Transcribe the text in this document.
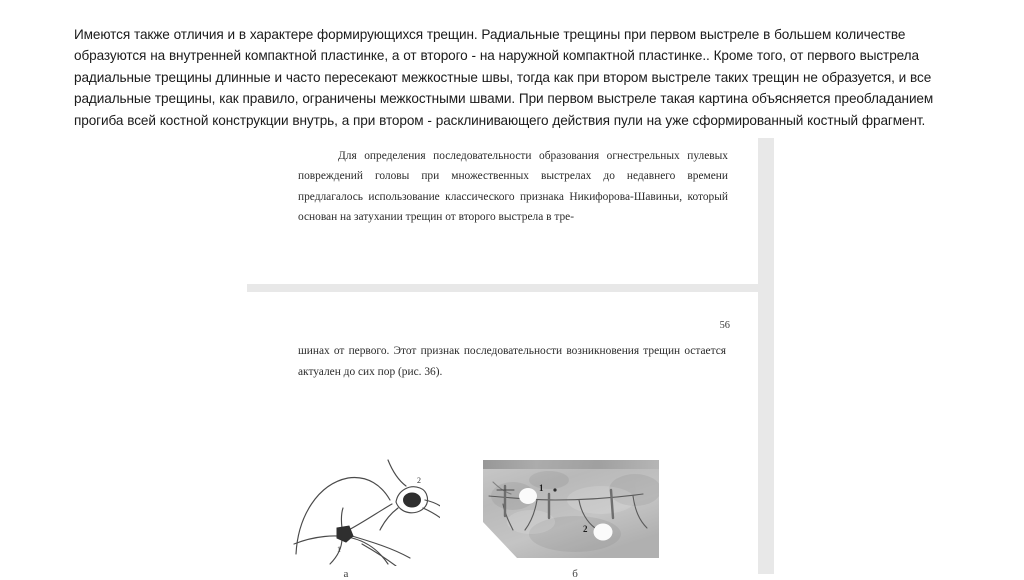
Имеются также отличия и в характере формирующихся трещин. Радиальные трещины при первом выстреле в большем количестве образуются на внутренней компактной пластинке, а от второго - на наружной компактной пластинке.. Кроме того, от первого выстрела радиальные трещины длинные и часто пересекают межкостные швы, тогда как при втором выстреле таких трещин не образуется, и все радиальные трещины, как правило, ограничены межкостными швами. При первом выстреле такая картина объясняется преобладанием прогиба всей костной конструкции внутрь, а при втором - расклинивающего действия пули на уже сформированный костный фрагмент.
Для определения последовательности образования огнестрельных пулевых повреждений головы при множественных выстрелах до недавнего времени предлагалось использование классического признака Никифорова-Шавиньи, который основан на затухании трещин от второго выстрела в тре-
56
шинах от первого. Этот признак последовательности возникновения трещин остается актуален до сих пор (рис. 36).
1
2
1
2
а	б
